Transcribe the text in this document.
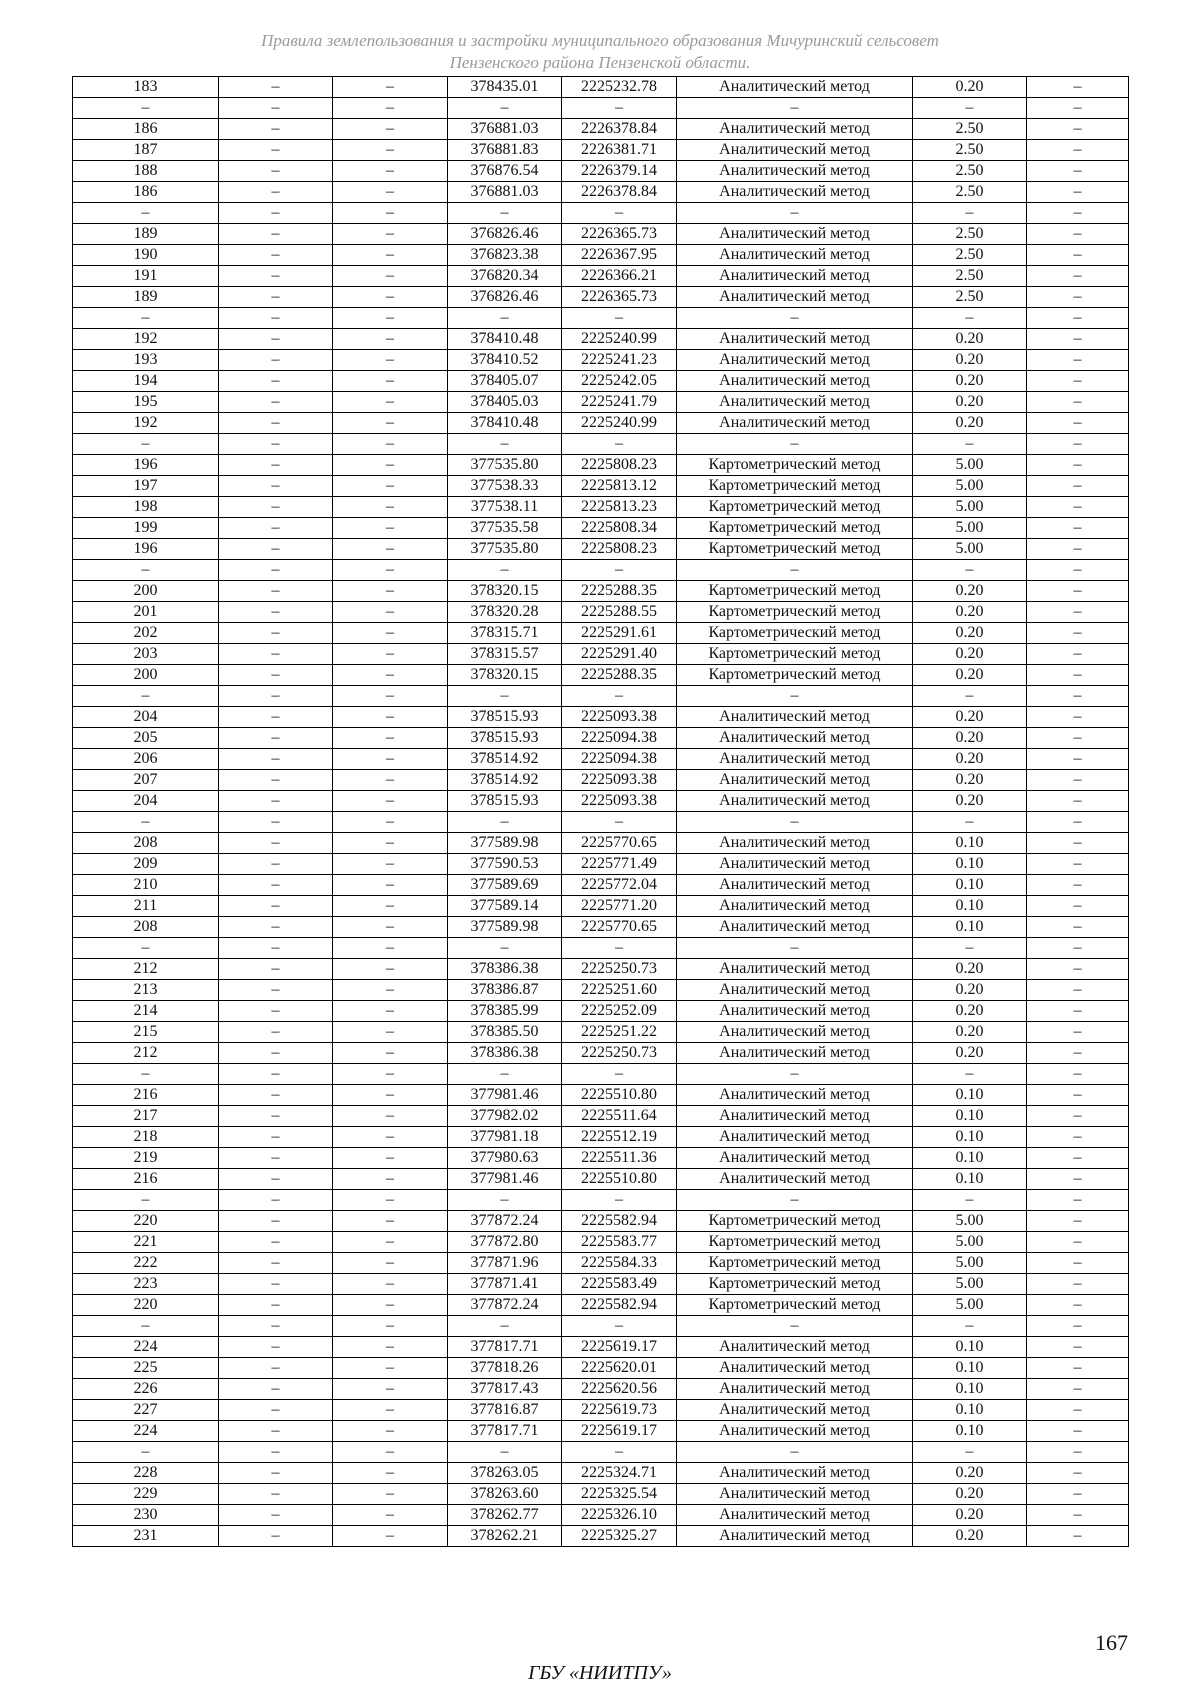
Правила землепользования и застройки муниципального образования Мичуринский сельсовет
Пензенского района Пензенской области.
183	–	–	378435.01	2225232.78	Аналитический метод	0.20	–
–	–	–	–	–	–	–	–
186	–	–	376881.03	2226378.84	Аналитический метод	2.50	–
187	–	–	376881.83	2226381.71	Аналитический метод	2.50	–
188	–	–	376876.54	2226379.14	Аналитический метод	2.50	–
186	–	–	376881.03	2226378.84	Аналитический метод	2.50	–
–	–	–	–	–	–	–	–
189	–	–	376826.46	2226365.73	Аналитический метод	2.50	–
190	–	–	376823.38	2226367.95	Аналитический метод	2.50	–
191	–	–	376820.34	2226366.21	Аналитический метод	2.50	–
189	–	–	376826.46	2226365.73	Аналитический метод	2.50	–
–	–	–	–	–	–	–	–
192	–	–	378410.48	2225240.99	Аналитический метод	0.20	–
193	–	–	378410.52	2225241.23	Аналитический метод	0.20	–
194	–	–	378405.07	2225242.05	Аналитический метод	0.20	–
195	–	–	378405.03	2225241.79	Аналитический метод	0.20	–
192	–	–	378410.48	2225240.99	Аналитический метод	0.20	–
–	–	–	–	–	–	–	–
196	–	–	377535.80	2225808.23	Картометрический метод	5.00	–
197	–	–	377538.33	2225813.12	Картометрический метод	5.00	–
198	–	–	377538.11	2225813.23	Картометрический метод	5.00	–
199	–	–	377535.58	2225808.34	Картометрический метод	5.00	–
196	–	–	377535.80	2225808.23	Картометрический метод	5.00	–
–	–	–	–	–	–	–	–
200	–	–	378320.15	2225288.35	Картометрический метод	0.20	–
201	–	–	378320.28	2225288.55	Картометрический метод	0.20	–
202	–	–	378315.71	2225291.61	Картометрический метод	0.20	–
203	–	–	378315.57	2225291.40	Картометрический метод	0.20	–
200	–	–	378320.15	2225288.35	Картометрический метод	0.20	–
–	–	–	–	–	–	–	–
204	–	–	378515.93	2225093.38	Аналитический метод	0.20	–
205	–	–	378515.93	2225094.38	Аналитический метод	0.20	–
206	–	–	378514.92	2225094.38	Аналитический метод	0.20	–
207	–	–	378514.92	2225093.38	Аналитический метод	0.20	–
204	–	–	378515.93	2225093.38	Аналитический метод	0.20	–
–	–	–	–	–	–	–	–
208	–	–	377589.98	2225770.65	Аналитический метод	0.10	–
209	–	–	377590.53	2225771.49	Аналитический метод	0.10	–
210	–	–	377589.69	2225772.04	Аналитический метод	0.10	–
211	–	–	377589.14	2225771.20	Аналитический метод	0.10	–
208	–	–	377589.98	2225770.65	Аналитический метод	0.10	–
–	–	–	–	–	–	–	–
212	–	–	378386.38	2225250.73	Аналитический метод	0.20	–
213	–	–	378386.87	2225251.60	Аналитический метод	0.20	–
214	–	–	378385.99	2225252.09	Аналитический метод	0.20	–
215	–	–	378385.50	2225251.22	Аналитический метод	0.20	–
212	–	–	378386.38	2225250.73	Аналитический метод	0.20	–
–	–	–	–	–	–	–	–
216	–	–	377981.46	2225510.80	Аналитический метод	0.10	–
217	–	–	377982.02	2225511.64	Аналитический метод	0.10	–
218	–	–	377981.18	2225512.19	Аналитический метод	0.10	–
219	–	–	377980.63	2225511.36	Аналитический метод	0.10	–
216	–	–	377981.46	2225510.80	Аналитический метод	0.10	–
–	–	–	–	–	–	–	–
220	–	–	377872.24	2225582.94	Картометрический метод	5.00	–
221	–	–	377872.80	2225583.77	Картометрический метод	5.00	–
222	–	–	377871.96	2225584.33	Картометрический метод	5.00	–
223	–	–	377871.41	2225583.49	Картометрический метод	5.00	–
220	–	–	377872.24	2225582.94	Картометрический метод	5.00	–
–	–	–	–	–	–	–	–
224	–	–	377817.71	2225619.17	Аналитический метод	0.10	–
225	–	–	377818.26	2225620.01	Аналитический метод	0.10	–
226	–	–	377817.43	2225620.56	Аналитический метод	0.10	–
227	–	–	377816.87	2225619.73	Аналитический метод	0.10	–
224	–	–	377817.71	2225619.17	Аналитический метод	0.10	–
–	–	–	–	–	–	–	–
228	–	–	378263.05	2225324.71	Аналитический метод	0.20	–
229	–	–	378263.60	2225325.54	Аналитический метод	0.20	–
230	–	–	378262.77	2225326.10	Аналитический метод	0.20	–
231	–	–	378262.21	2225325.27	Аналитический метод	0.20	–
167
ГБУ «НИИТПУ»
